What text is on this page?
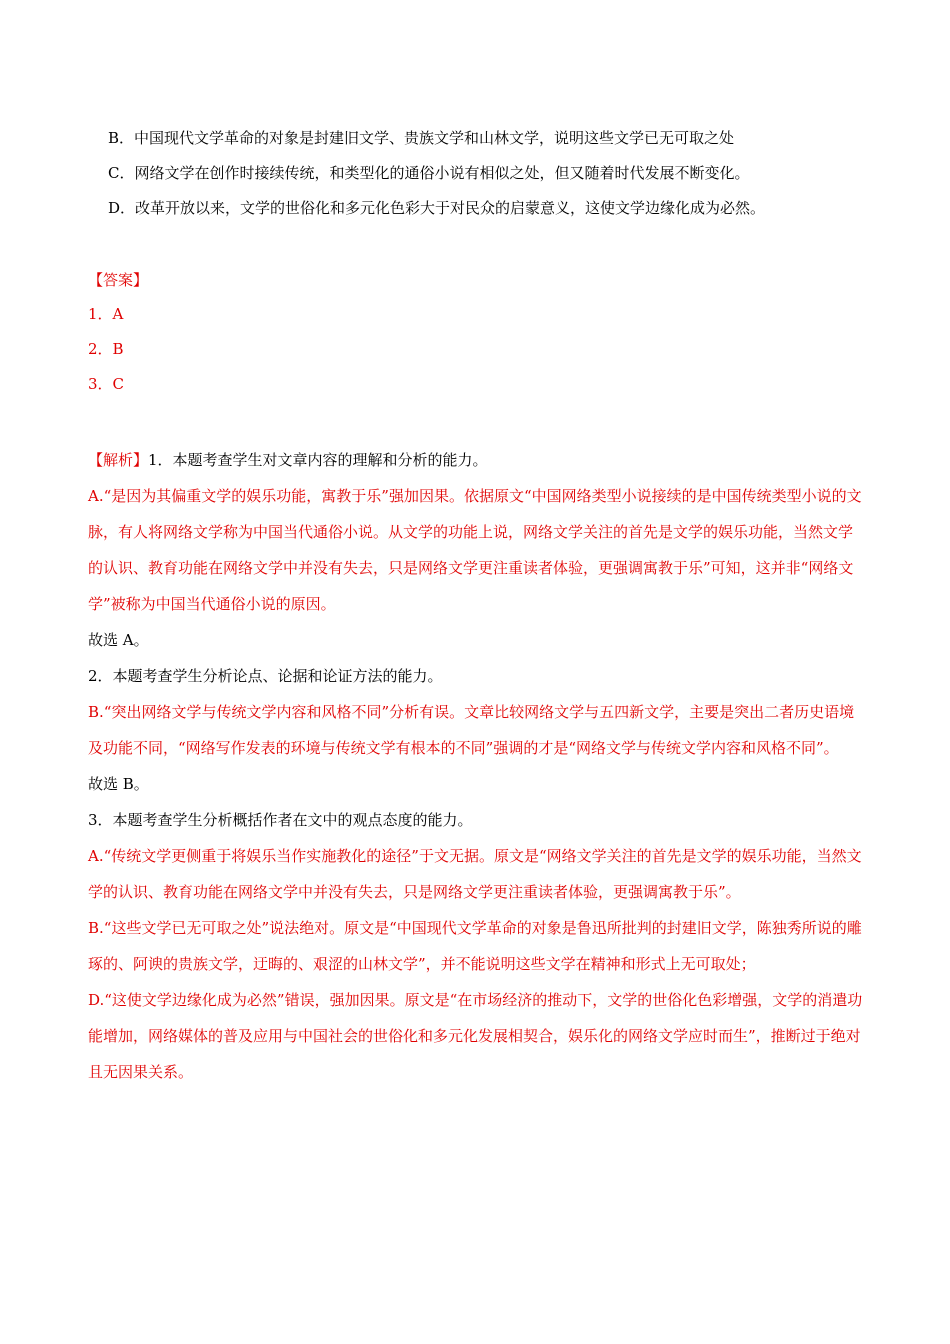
B．中国现代文学革命的对象是封建旧文学、贵族文学和山林文学，说明这些文学已无可取之处
C．网络文学在创作时接续传统，和类型化的通俗小说有相似之处，但又随着时代发展不断变化。
D．改革开放以来，文学的世俗化和多元化色彩大于对民众的启蒙意义，这使文学边缘化成为必然。
【答案】
1．A
2．B
3．C
【解析】1．本题考查学生对文章内容的理解和分析的能力。
A.“是因为其偏重文学的娱乐功能，寓教于乐”强加因果。依据原文“中国网络类型小说接续的是中国传统类型小说的文脉，有人将网络文学称为中国当代通俗小说。从文学的功能上说，网络文学关注的首先是文学的娱乐功能，当然文学的认识、教育功能在网络文学中并没有失去，只是网络文学更注重读者体验，更强调寓教于乐”可知，这并非“网络文学”被称为中国当代通俗小说的原因。
故选 A。
2．本题考查学生分析论点、论据和论证方法的能力。
B.“突出网络文学与传统文学内容和风格不同”分析有误。文章比较网络文学与五四新文学，主要是突出二者历史语境及功能不同，“网络写作发表的环境与传统文学有根本的不同”强调的才是“网络文学与传统文学内容和风格不同”。
故选 B。
3．本题考查学生分析概括作者在文中的观点态度的能力。
A.“传统文学更侧重于将娱乐当作实施教化的途径”于文无据。原文是“网络文学关注的首先是文学的娱乐功能，当然文学的认识、教育功能在网络文学中并没有失去，只是网络文学更注重读者体验，更强调寓教于乐”。
B.“这些文学已无可取之处”说法绝对。原文是“中国现代文学革命的对象是鲁迅所批判的封建旧文学，陈独秀所说的雕琢的、阿谀的贵族文学，迂晦的、艰涩的山林文学”，并不能说明这些文学在精神和形式上无可取处；
D.“这使文学边缘化成为必然”错误，强加因果。原文是“在市场经济的推动下，文学的世俗化色彩增强，文学的消遣功能增加，网络媒体的普及应用与中国社会的世俗化和多元化发展相契合，娱乐化的网络文学应时而生”，推断过于绝对且无因果关系。
